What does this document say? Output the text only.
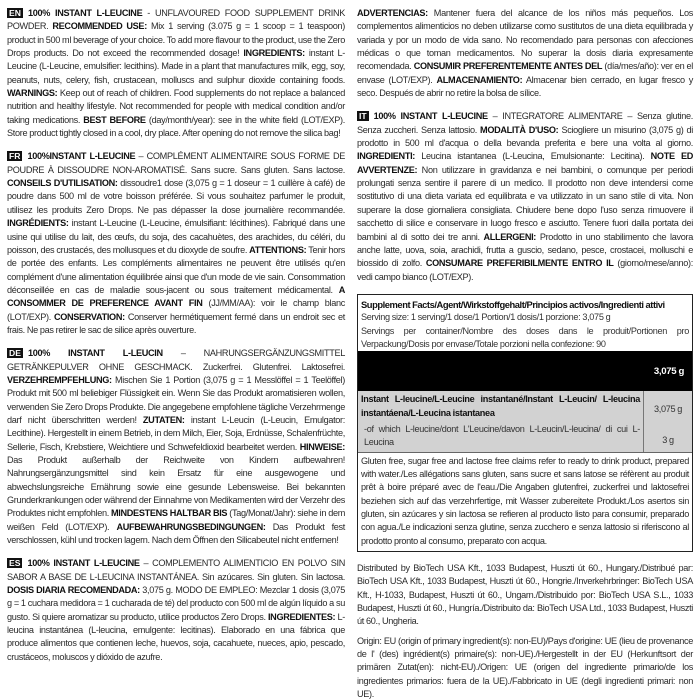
EN 100% INSTANT L-LEUCINE - UNFLAVOURED FOOD SUPPLEMENT DRINK POWDER. RECOMMENDED USE: Mix 1 serving (3.075 g = 1 scoop = 1 teaspoon) product in 500 ml beverage of your choice. To add more flavour to the product, use the Zero Drops products. Do not exceed the recommended dosage! INGREDIENTS: instant L-Leucine (L-Leucine, emulsifier: lecithins). Made in a plant that manufactures milk, egg, soy, peanuts, nuts, celery, fish, crustacean, molluscs and sulphur dioxide containing foods. WARNINGS: Keep out of reach of children. Food supplements do not replace a balanced nutrition and healthy lifestyle. Not recommended for people with medical condition and/or taking medications. BEST BEFORE (day/month/year): see in the white field (LOT/EXP). Store product tightly closed in a cool, dry place. After opening do not remove the silica bag!

FR 100%INSTANT L-LEUCINE – COMPLÉMENT ALIMENTAIRE SOUS FORME DE POUDRE À DISSOUDRE NON-AROMATISÉ. Sans sucre. Sans gluten. Sans lactose. CONSEILS D'UTILISATION: dissoudre1 dose (3,075 g = 1 doseur = 1 cuillère à café) de poudre dans 500 ml de votre boisson préférée. Si vous souhaitez parfumer le produit, utilisez les produits Zero Drops. Ne pas dépasser la dose journalière recommandée. INGRÉDIENTS: instant L-Leucine (L-Leucine, émulsifiant: lécithines). Fabriqué dans une usine qui utilise du lait, des œufs, du soja, des cacahuètes, des arachides, du céléri, du poisson, des crustacés, des mollusques et du dioxyde de soufre. ATTENTIONS: Tenir hors de portée des enfants. Les compléments alimentaires ne peuvent être utilisés qu'en complément d'une alimentation équilibrée ainsi que d'un mode de vie sain. Consommation déconseillée en cas de maladie sous-jacent ou sous traitement médicamental. A CONSOMMER DE PREFERENCE AVANT FIN (JJ/MM/AA): voir le champ blanc (LOT/EXP). CONSERVATION: Conserver hermétiquement fermé dans un endroit sec et frais. Ne pas retirer le sac de silice après ouverture.

DE 100% INSTANT L-LEUCIN – NAHRUNGSERGÄNZUNGSMITTEL GETRÄNKEPULVER OHNE GESCHMACK. Zuckerfrei. Glutenfrei. Laktosefrei. VERZEHREMPFEHLUNG: Mischen Sie 1 Portion (3,075 g = 1 Messlöffel = 1 Teelöffel) Produkt mit 500 ml beliebiger Flüssigkeit ein. Wenn Sie das Produkt aromatisieren wollen, verwenden Sie Zero Drops Produkte. Die angegebene empfohlene tägliche Verzehrmenge darf nicht überschritten werden! ZUTATEN: instant L-Leucin (L-Leucin, Emulgator: Lecithine). Hergestellt in einem Betrieb, in dem Milch, Eier, Soja, Erdnüsse, Schalenfrüchte, Sellerie, Fisch, Krebstiere, Weichtiere und Schwefeldioxid bearbeitet werden. HINWEISE: Das Produkt außerhalb der Reichweite von Kindern aufbewahren! Nahrungsergänzungsmittel sind kein Ersatz für eine ausgewogene und abwechslungsreiche Ernährung sowie eine gesunde Lebensweise. Bei bekannten Grunderkrankungen oder während der Einnahme von Medikamenten wird der Verzehr des Produktes nicht empfohlen. MINDESTENS HALTBAR BIS (Tag/Monat/Jahr): siehe in dem weißen Feld (LOT/EXP). AUFBEWAHRUNGSBEDINGUNGEN: Das Produkt fest verschlossen, kühl und trocken lagern. Nach dem Öffnen den Silicabeutel nicht entfernen!

ES 100% INSTANT L-LEUCINE – COMPLEMENTO ALIMENTICIO EN POLVO SIN SABOR A BASE DE L-LEUCINA INSTANTÁNEA. Sin azúcares. Sin gluten. Sin lactosa. DOSIS DIARIA RECOMENDADA: 3,075 g. MODO DE EMPLEO: Mezclar 1 dosis (3,075 g = 1 cuchara medidora = 1 cucharada de té) del producto con 500 ml de algún líquido a su gusto. Si quiere aromatizar su producto, utilice productos Zero Drops. INGREDIENTES: L-leucina instantánea (L-leucina, emulgente: lecitinas). Elaborado en una fábrica que produce alimentos que contienen leche, huevos, soja, cacahuete, nueces, apio, pescado, crustáceos, moluscos y dióxido de azufre.

ADVERTENCIAS: Mantener fuera del alcance de los niños más pequeños. Los complementos alimenticios no deben utilizarse como sustitutos de una dieta equilibrada y variada y por un modo de vida sano. No recomendado para personas con afecciones médicas o que toman medicamentos. No superar la dosis diaria expresamente recomendada. CONSUMIR PREFERENTEMENTE ANTES DEL (día/mes/año): ver en el envase (LOT/EXP). ALMACENAMIENTO: Almacenar bien cerrado, en lugar fresco y seco. Después de abrir no retire la bolsa de sílice.

IT 100% INSTANT L-LEUCINE – INTEGRATORE ALIMENTARE – Senza glutine. Senza zuccheri. Senza lattosio. MODALITÀ D'USO: Sciogliere un misurino (3,075 g) di prodotto in 500 ml d'acqua o della bevanda preferita e bere una volta al giorno. INGREDIENTI: Leucina istantanea (L-Leucina, Emulsionante: Lecitina). NOTE ED AVVERTENZE: Non utilizzare in gravidanza e nei bambini, o comunque per periodi prolungati senza sentire il parere di un medico. Il prodotto non deve intendersi come sostitutivo di una dieta variata ed equilibrata e va utilizzato in un sano stile di vita. Non superare la dose giornaliera consigliata. Chiudere bene dopo l'uso senza rimuovere il sacchetto di silice e conservare in luogo fresco e asciutto. Tenere fuori dalla portata dei bambini al di sotto dei tre anni. ALLERGENI: Prodotto in uno stabilimento che lavora anche latte, uova, soia, arachidi, frutta a guscio, sedano, pesce, crostacei, molluschi e biossido di zolfo. CONSUMARE PREFERIBILMENTE ENTRO IL (giorno/mese/anno): vedi campo bianco (LOT/EXP).

Supplement Facts/Agent/Wirkstoffgehalt/Principios activos/Ingredienti attivi
Serving size: 1 serving/1 dose/1 Portion/1 dosis/1 porzione: 3,075 g
Servings per container/Nombre des doses dans le produit/Portionen pro Verpackung/Dosis por envase/Totale porzioni nella confezione: 90
3,075 g
Instant L-leucine/L-Leucine instantané/Instant L-Leucin/ L-leucina instantáena/L-Leucina istantanea
-of which L-leucine/dont L'Leucine/davon L-Leucin/L-leucina/ di cui L-Leucina
3,075 g
3 g
Gluten free, sugar free and lactose free claims refer to ready to drink product, prepared with water./Les allégations sans gluten, sans sucre et sans latose se réfèrent au produit prêt à boire préparé avec de l'eau./Die Angaben glutenfrei, zuckerfrei und laktosefrei beziehen sich auf das verzehrfertige, mit Wasser zubereitete Produkt./Los asertos sin gluten, sin azúcares y sin lactosa se refieren al producto listo para consumir, preparado con agua./Le indicazioni senza glutine, senza zucchero e senza lattosio si riferiscono al prodotto pronto al consumo, preparato con acqua.
Distributed by BioTech USA Kft., 1033 Budapest, Huszti út 60., Hungary./Distribué par: BioTech USA Kft., 1033 Budapest, Huszti út 60., Hongrie./Inverkehrbringer: BioTech USA Kft., H-1033, Budapest, Huszti út 60., Ungarn./Distribuido por: BioTech USA S.L., 1033 Budapest, Huszti út 60., Hungría./Distribuito da: BioTech USA Ltd., 1033 Budapest, Huszti út 60., Ungheria.
Origin: EU (origin of primary ingredient(s): non-EU)/Pays d'origine: UE (lieu de provenance de l' (des) ingrédient(s) primaire(s): non-UE)./Hergestellt in der EU (Herkunftsort der primären Zutat(en): nicht-EU)./Origen: UE (origen del ingrediente primario/de los ingredientes primarios: fuera de la UE)./Fabbricato in UE (degli ingredienti primari: non UE).
